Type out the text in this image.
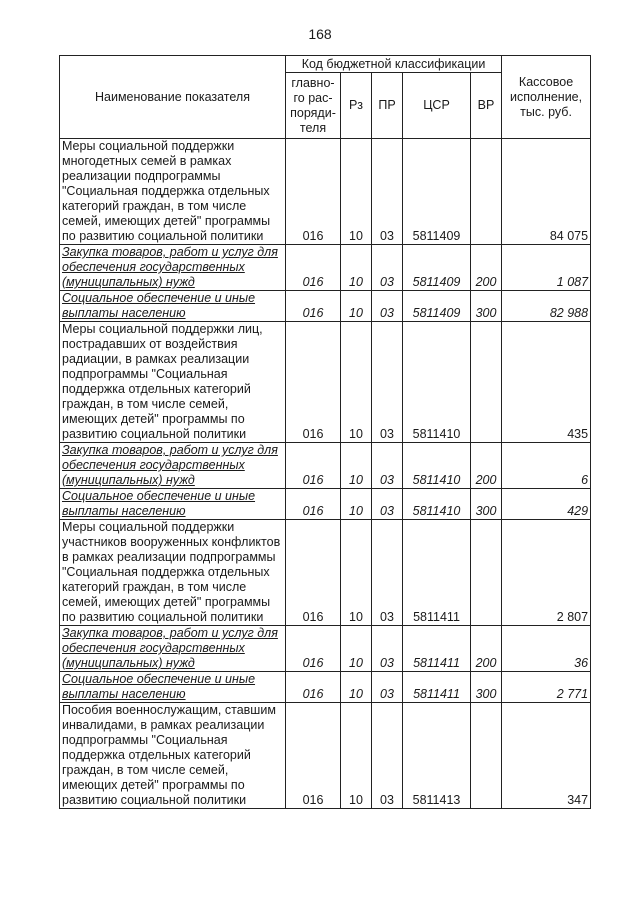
168
Наименование показателя	Код бюджетной классификации					Кассовое исполнение, тыс. руб.
	главно-го рас-поряди-теля	Рз	ПР	ЦСР	ВР	
Меры социальной поддержки многодетных семей в рамках реализации подпрограммы "Социальная поддержка отдельных категорий граждан, в том числе семей, имеющих детей" программы по развитию социальной политики	016	10	03	5811409		84 075
Закупка товаров, работ и услуг для обеспечения государственных (муниципальных) нужд	016	10	03	5811409	200	1 087
Социальное обеспечение и иные выплаты населению	016	10	03	5811409	300	82 988
Меры социальной поддержки лиц, пострадавших от воздействия радиации, в рамках реализации подпрограммы "Социальная поддержка отдельных категорий граждан, в том числе семей, имеющих детей" программы по развитию социальной политики	016	10	03	5811410		435
Закупка товаров, работ и услуг для обеспечения государственных (муниципальных) нужд	016	10	03	5811410	200	6
Социальное обеспечение и иные выплаты населению	016	10	03	5811410	300	429
Меры социальной поддержки участников вооруженных конфликтов в рамках реализации подпрограммы "Социальная поддержка отдельных категорий граждан, в том числе семей, имеющих детей" программы по развитию социальной политики	016	10	03	5811411		2 807
Закупка товаров, работ и услуг для обеспечения государственных (муниципальных) нужд	016	10	03	5811411	200	36
Социальное обеспечение и иные выплаты населению	016	10	03	5811411	300	2 771
Пособия военнослужащим, ставшим инвалидами, в рамках реализации подпрограммы "Социальная поддержка отдельных категорий граждан, в том числе семей, имеющих детей" программы по развитию социальной политики	016	10	03	5811413		347
